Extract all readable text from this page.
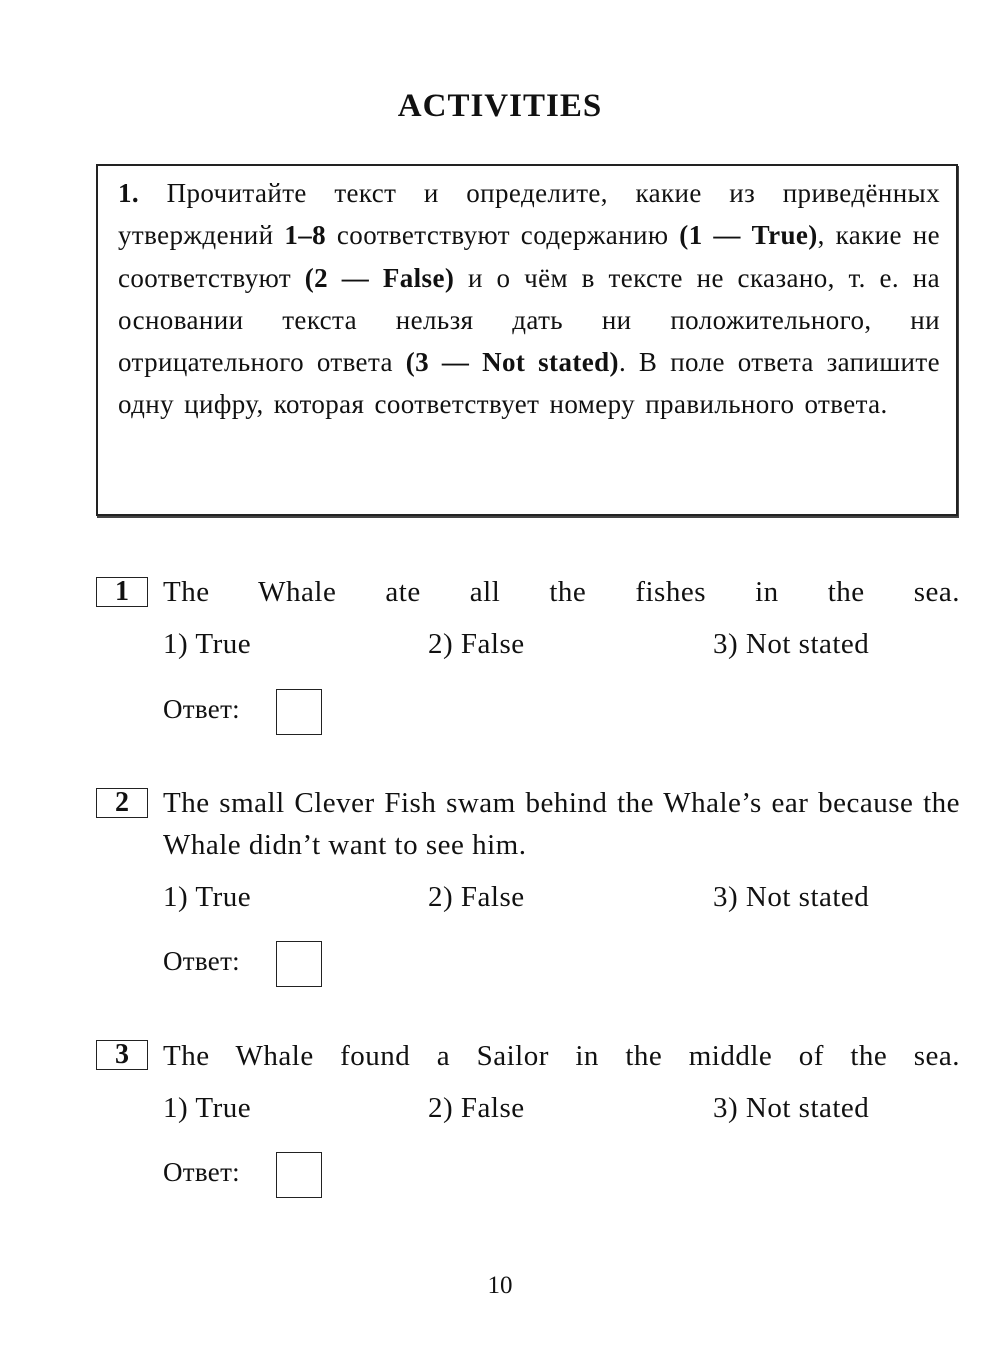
ACTIVITIES
1. Прочитайте текст и определите, какие из приведённых утверждений 1–8 соответствуют содержанию (1 — True), какие не соответствуют (2 — False) и о чём в тексте не сказано, т. е. на основании текста нельзя дать ни положительного, ни отрицательного ответа (3 — Not stated). В поле ответа запишите одну цифру, которая соответствует номеру правильного ответа.
1	The Whale ate all the fishes in the sea.
1) True	2) False	3) Not stated
Ответ:
2	The small Clever Fish swam behind the Whale’s ear because the Whale didn’t want to see him.
1) True	2) False	3) Not stated
Ответ:
3	The Whale found a Sailor in the middle of the sea.
1) True	2) False	3) Not stated
Ответ:
10
